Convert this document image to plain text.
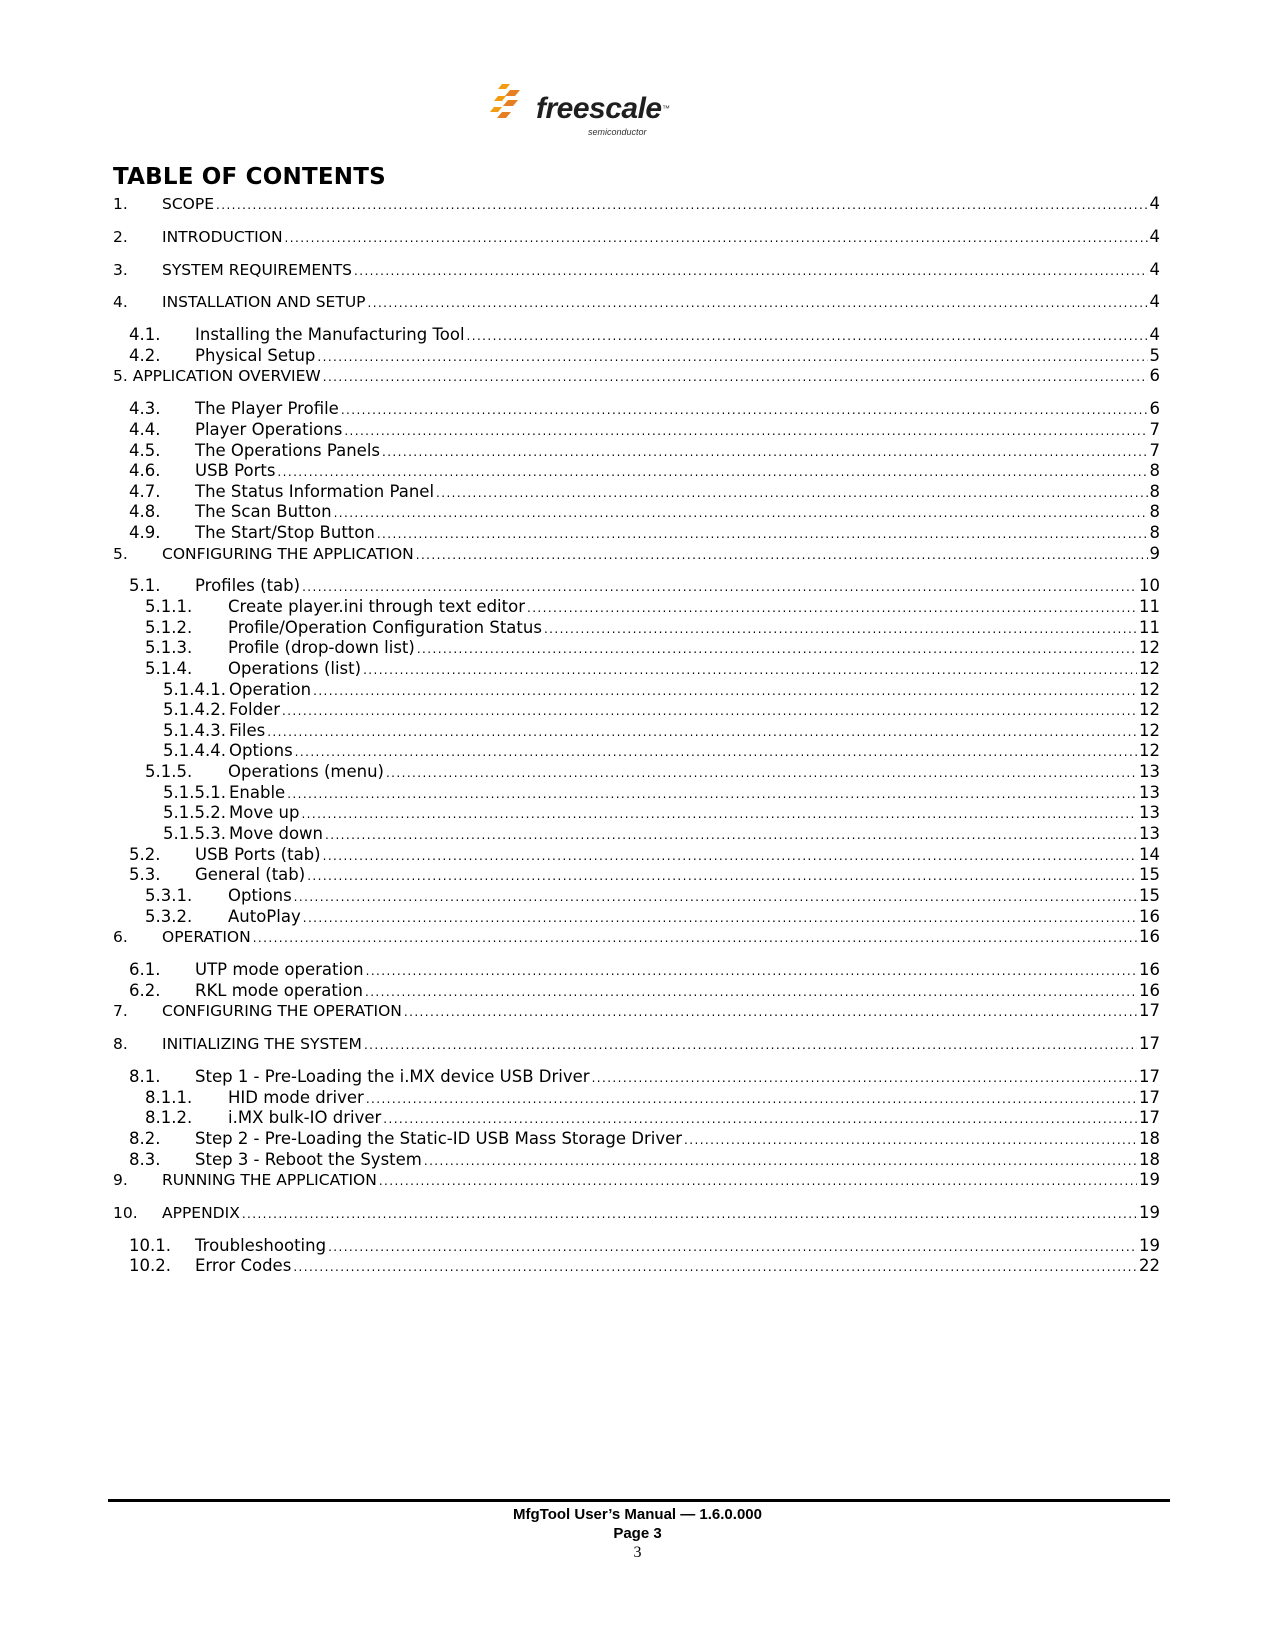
freescale ™
semiconductor
TABLE OF CONTENTS
1.	SCOPE .....	4
2.	INTRODUCTION .....	4
3.	SYSTEM REQUIREMENTS .....	4
4.	INSTALLATION AND SETUP .....	4
4.1.	Installing the Manufacturing Tool .....	4
4.2.	Physical Setup .....	5
5. APPLICATION OVERVIEW .....	6
4.3.	The Player Profile .....	6
4.4.	Player Operations .....	7
4.5.	The Operations Panels .....	7
4.6.	USB Ports .....	8
4.7.	The Status Information Panel .....	8
4.8.	The Scan Button .....	8
4.9.	The Start/Stop Button .....	8
5.	CONFIGURING THE APPLICATION .....	9
5.1.	Profiles (tab) .....	10
5.1.1.	Create player.ini through text editor .....	11
5.1.2.	Profile/Operation Configuration Status .....	11
5.1.3.	Profile (drop-down list) .....	12
5.1.4.	Operations (list) .....	12
5.1.4.1. Operation .....	12
5.1.4.2. Folder .....	12
5.1.4.3. Files .....	12
5.1.4.4. Options .....	12
5.1.5.	Operations (menu) .....	13
5.1.5.1. Enable .....	13
5.1.5.2. Move up .....	13
5.1.5.3. Move down .....	13
5.2.	USB Ports (tab) .....	14
5.3.	General (tab) .....	15
5.3.1.	Options .....	15
5.3.2.	AutoPlay .....	16
6.	OPERATION .....	16
6.1.	UTP mode operation .....	16
6.2.	RKL mode operation .....	16
7.	CONFIGURING THE OPERATION .....	17
8.	INITIALIZING THE SYSTEM .....	17
8.1.	Step 1 - Pre-Loading the i.MX device USB Driver .....	17
8.1.1.	HID mode driver .....	17
8.1.2.	i.MX bulk-IO driver .....	17
8.2.	Step 2 - Pre-Loading the Static-ID USB Mass Storage Driver .....	18
8.3.	Step 3 - Reboot the System .....	18
9.	RUNNING THE APPLICATION .....	19
10.	APPENDIX .....	19
10.1.	Troubleshooting .....	19
10.2.	Error Codes .....	22
MfgTool User’s Manual — 1.6.0.000
Page 3
3
